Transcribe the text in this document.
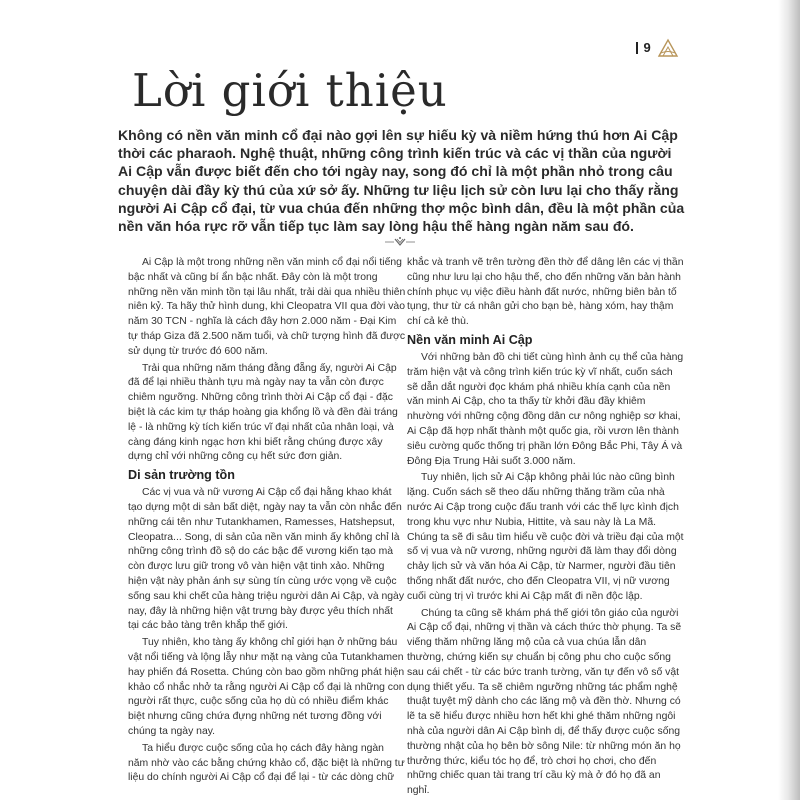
9
Lời giới thiệu

Không có nền văn minh cổ đại nào gợi lên sự hiếu kỳ và niềm hứng thú hơn Ai Cập thời các pharaoh. Nghệ thuật, những công trình kiến trúc và các vị thần của người Ai Cập vẫn được biết đến cho tới ngày nay, song đó chỉ là một phần nhỏ trong câu chuyện dài đầy kỳ thú của xứ sở ấy. Những tư liệu lịch sử còn lưu lại cho thấy rằng người Ai Cập cổ đại, từ vua chúa đến những thợ mộc bình dân, đều là một phần của nền văn hóa rực rỡ vẫn tiếp tục làm say lòng hậu thế hàng ngàn năm sau đó.

Ai Cập là một trong những nền văn minh cổ đại nổi tiếng bậc nhất và cũng bí ẩn bậc nhất. Đây còn là một trong những nền văn minh tồn tại lâu nhất, trải dài qua nhiều thiên niên kỷ. Ta hãy thử hình dung, khi Cleopatra VII qua đời vào năm 30 TCN - nghĩa là cách đây hơn 2.000 năm - Đại Kim tự tháp Giza đã 2.500 năm tuổi, và chữ tượng hình đã được sử dụng từ trước đó 600 năm.

Trải qua những năm tháng đằng đẵng ấy, người Ai Cập đã để lại nhiều thành tựu mà ngày nay ta vẫn còn được chiêm ngưỡng. Những công trình thời Ai Cập cổ đại - đặc biệt là các kim tự tháp hoàng gia khổng lồ và đền đài tráng lệ - là những kỳ tích kiến trúc vĩ đại nhất của nhân loại, và càng đáng kinh ngạc hơn khi biết rằng chúng được xây dựng chỉ với những công cụ hết sức đơn giản.

Di sản trường tồn

Các vị vua và nữ vương Ai Cập cổ đại hằng khao khát tạo dựng một di sản bất diệt, ngày nay ta vẫn còn nhắc đến những cái tên như Tutankhamen, Ramesses, Hatshepsut, Cleopatra... Song, di sản của nền văn minh ấy không chỉ là những công trình đồ sộ do các bậc đế vương kiến tạo mà còn được lưu giữ trong vô vàn hiện vật tinh xảo. Những hiện vật này phản ánh sự sùng tín cùng ước vọng về cuộc sống sau khi chết của hàng triệu người dân Ai Cập, và ngày nay, đây là những hiện vật trưng bày được yêu thích nhất tại các bảo tàng trên khắp thế giới.

Tuy nhiên, kho tàng ấy không chỉ giới hạn ở những báu vật nổi tiếng và lộng lẫy như mặt nạ vàng của Tutankhamen hay phiến đá Rosetta. Chúng còn bao gồm những phát hiện khảo cổ nhắc nhở ta rằng người Ai Cập cổ đại là những con người rất thực, cuộc sống của họ dù có nhiều điểm khác biệt nhưng cũng chứa đựng những nét tương đồng với chúng ta ngày nay.

Ta hiểu được cuộc sống của họ cách đây hàng ngàn năm nhờ vào các bằng chứng khảo cổ, đặc biệt là những tư liệu do chính người Ai Cập cổ đại để lại - từ các dòng chữ

khắc và tranh vẽ trên tường đền thờ để dâng lên các vị thần cũng như lưu lại cho hậu thế, cho đến những văn bản hành chính phục vụ việc điều hành đất nước, những biên bản tố tụng, thư từ cá nhân gửi cho bạn bè, hàng xóm, hay thậm chí cả kẻ thù.

Nền văn minh Ai Cập

Với những bản đồ chi tiết cùng hình ảnh cụ thể của hàng trăm hiện vật và công trình kiến trúc kỳ vĩ nhất, cuốn sách sẽ dẫn dắt người đọc khám phá nhiều khía cạnh của nền văn minh Ai Cập, cho ta thấy từ khởi đầu đầy khiêm nhường với những cộng đồng dân cư nông nghiệp sơ khai, Ai Cập đã hợp nhất thành một quốc gia, rồi vươn lên thành siêu cường quốc thống trị phần lớn Đông Bắc Phi, Tây Á và Đông Địa Trung Hải suốt 3.000 năm.

Tuy nhiên, lịch sử Ai Cập không phải lúc nào cũng bình lặng. Cuốn sách sẽ theo dấu những thăng trầm của nhà nước Ai Cập trong cuộc đấu tranh với các thế lực kình địch trong khu vực như Nubia, Hittite, và sau này là La Mã. Chúng ta sẽ đi sâu tìm hiểu về cuộc đời và triều đại của một số vị vua và nữ vương, những người đã làm thay đổi dòng chảy lịch sử và văn hóa Ai Cập, từ Narmer, người đầu tiên thống nhất đất nước, cho đến Cleopatra VII, vị nữ vương cuối cùng trị vì trước khi Ai Cập mất đi nền độc lập.

Chúng ta cũng sẽ khám phá thế giới tôn giáo của người Ai Cập cổ đại, những vị thần và cách thức thờ phụng. Ta sẽ viếng thăm những lăng mộ của cả vua chúa lẫn dân thường, chứng kiến sự chuẩn bị công phu cho cuộc sống sau cái chết - từ các bức tranh tường, văn tự đến vô số vật dụng thiết yếu. Ta sẽ chiêm ngưỡng những tác phẩm nghệ thuật tuyệt mỹ dành cho các lăng mộ và đền thờ. Nhưng có lẽ ta sẽ hiểu được nhiều hơn hết khi ghé thăm những ngôi nhà của người dân Ai Cập bình dị, để thấy được cuộc sống thường nhật của họ bên bờ sông Nile: từ những món ăn họ thưởng thức, kiểu tóc họ để, trò chơi họ chơi, cho đến những chiếc quan tài trang trí cầu kỳ mà ở đó họ đã an nghỉ.
